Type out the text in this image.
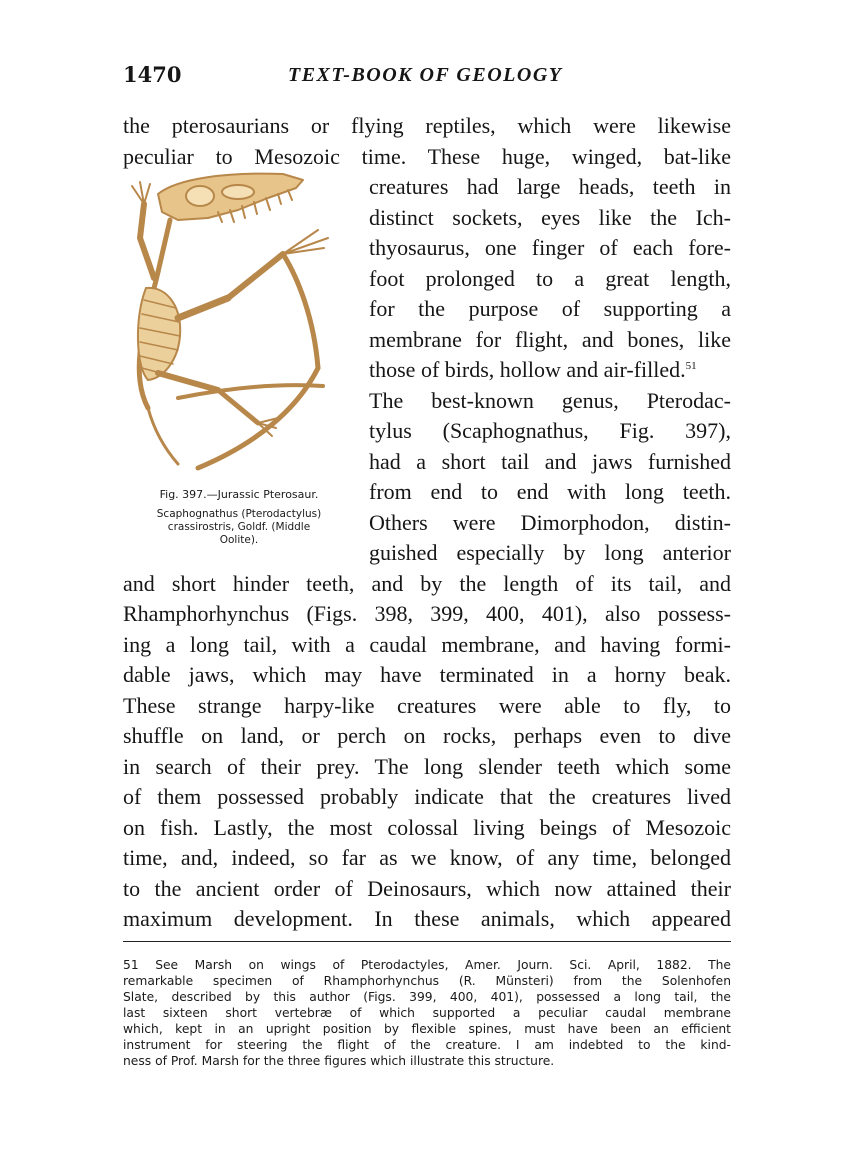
1470	TEXT-BOOK OF GEOLOGY
the pterosaurians or flying reptiles, which were likewise
peculiar to Mesozoic time. These huge, winged, bat-like
creatures had large heads, teeth in
distinct sockets, eyes like the Ich-
thyosaurus, one finger of each fore-
foot prolonged to a great length,
for the purpose of supporting a
membrane for flight, and bones, like
those of birds, hollow and air-filled.$^{51}$
The best-known genus, Pterodac-
tylus (Scaphognathus, Fig. 397),
had a short tail and jaws furnished
from end to end with long teeth.
Others were Dimorphodon, distin-
guished especially by long anterior
and short hinder teeth, and by the length of its tail, and
Rhamphorhynchus (Figs. 398, 399, 400, 401), also possess-
ing a long tail, with a caudal membrane, and having formi-
dable jaws, which may have terminated in a horny beak.
These strange harpy-like creatures were able to fly, to
shuffle on land, or perch on rocks, perhaps even to dive
in search of their prey. The long slender teeth which some
of them possessed probably indicate that the creatures lived
on fish. Lastly, the most colossal living beings of Mesozoic
time, and, indeed, so far as we know, of any time, belonged
to the ancient order of Deinosaurs, which now attained their
maximum development. In these animals, which appeared
Fig. 397.—Jurassic Pterosaur.
Scaphognathus (Pterodactylus)
crassirostris, Goldf. (Middle
Oolite).
51 See Marsh on wings of Pterodactyles, Amer. Journ. Sci. April, 1882. The
remarkable specimen of Rhamphorhynchus (R. Münsteri) from the Solenhofen
Slate, described by this author (Figs. 399, 400, 401), possessed a long tail, the
last sixteen short vertebræ of which supported a peculiar caudal membrane
which, kept in an upright position by flexible spines, must have been an efficient
instrument for steering the flight of the creature. I am indebted to the kind-
ness of Prof. Marsh for the three figures which illustrate this structure.
